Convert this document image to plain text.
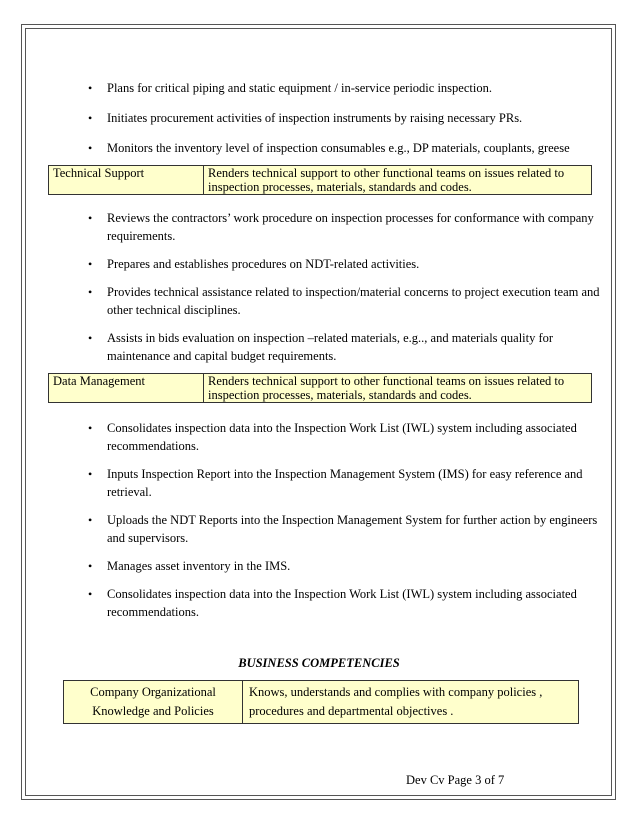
• Plans for critical piping and static equipment / in-service periodic inspection.
• Initiates procurement activities of inspection instruments by raising necessary PRs.
• Monitors the inventory level of inspection consumables e.g., DP materials, couplants, greese
Technical Support	Renders technical support to other functional teams on issues related to inspection processes, materials, standards and codes.
• Reviews the contractors’ work procedure on inspection processes for conformance with company requirements.
• Prepares and establishes procedures on NDT-related activities.
• Provides technical assistance related to inspection/material concerns to project execution team and other technical disciplines.
• Assists in bids evaluation on inspection –related materials, e.g.., and materials quality for maintenance and capital budget requirements.
Data Management	Renders technical support to other functional teams on issues related to inspection processes, materials, standards and codes.
• Consolidates inspection data into the Inspection Work List (IWL) system including associated recommendations.
• Inputs Inspection Report into the Inspection Management System (IMS) for easy reference and retrieval.
• Uploads the NDT Reports into the Inspection Management System for further action by engineers and supervisors.
• Manages asset inventory in the IMS.
• Consolidates inspection data into the Inspection Work List (IWL) system including associated recommendations.
BUSINESS COMPETENCIES
Company Organizational Knowledge and Policies	Knows, understands and complies with company policies , procedures and departmental objectives .
Dev Cv Page 3 of 7
